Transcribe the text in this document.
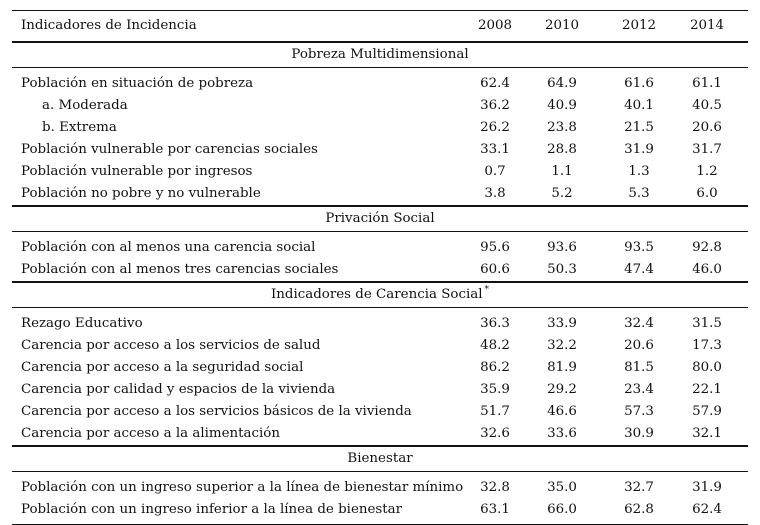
Indicadores de Incidencia	2008	2010	2012	2014
Pobreza Multidimensional
Población en situación de pobreza	62.4	64.9	61.6	61.1
a. Moderada	36.2	40.9	40.1	40.5
b. Extrema	26.2	23.8	21.5	20.6
Población vulnerable por carencias sociales	33.1	28.8	31.9	31.7
Población vulnerable por ingresos	0.7	1.1	1.3	1.2
Población no pobre y no vulnerable	3.8	5.2	5.3	6.0
Privación Social
Población con al menos una carencia social	95.6	93.6	93.5	92.8
Población con al menos tres carencias sociales	60.6	50.3	47.4	46.0
Indicadores de Carencia Social *
Rezago Educativo	36.3	33.9	32.4	31.5
Carencia por acceso a los servicios de salud	48.2	32.2	20.6	17.3
Carencia por acceso a la seguridad social	86.2	81.9	81.5	80.0
Carencia por calidad y espacios de la vivienda	35.9	29.2	23.4	22.1
Carencia por acceso a los servicios básicos de la vivienda	51.7	46.6	57.3	57.9
Carencia por acceso a la alimentación	32.6	33.6	30.9	32.1
Bienestar
Población con un ingreso superior a la línea de bienestar mínimo	32.8	35.0	32.7	31.9
Población con un ingreso inferior a la línea de bienestar	63.1	66.0	62.8	62.4
